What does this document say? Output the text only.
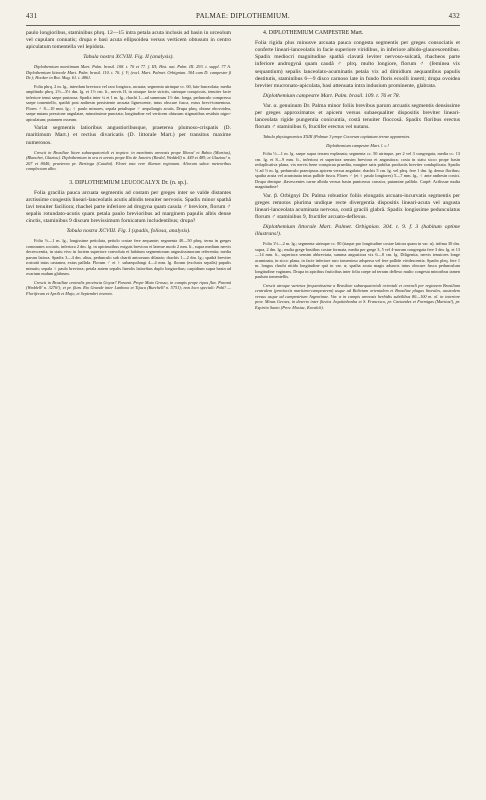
431	PALMAE: DIPLOTHEMIUM.	432

paulo longioribus, staminibus phrq. 12—15 intra petala acuta inclusis ad basin in urceolum vel cupulam connatis; drupa e basi acuta ellipsoidea versus verticem obtusum in centro apiculatum tomentella vel lepidota.

Tabula nostra XCVIII. Fig. II (analysis).

Diplothemium maritimum Mart. Palm. brasil. 108. t. 76 et 77. f. III; Hist. nat. Palm. III. 293. t. suppl. 77 A. Diplothemium littorale Mart. Palm. brasil. 110. t. 76. f. V; (excl. Mart. Palmet. Orbignian. 304 cum D. campestre β Dr.); Hooker in Bot. Mag. 61. t. 4861.

Folia phrq. 2 m. lg., interdum breviora vel raro longiora, arcuata; segmenta utrinque cc. 60, lato-lanceolata; media amplitudo phrq. 2½—3½ dm. lg. et 1½ cm. lt., nervis II, in utraque facie strictis, utrinque conspicuis, tenuiter facie inferiore tenui saepe pruinosa. Spadix inter ¼ et 1 m. lg., rhachi 1—ad summum 1½ dm. longa, pedunculo compresso saepe tomentello, spathâ post anthesin persistente arcuata lignescente, intus obscure fusca, extus brevi-tomentosa. Flores ♂ 8—10 mm. lg.; ♀ paulo minores, sepala petalisque ♂ aequilongis acutis. Drupa phrq. obtuse obovoidea, saepe nutans pressione angulatae, minutissime punctata; longitudine vel verticem obtusum stigmatibus residuis nigro-apiculatum; putamen osseum.

Variat segmentis latioribus angustioribusque, praeterea plumoso-crispatis (D. maritimum Mart.) et rectius divaricatis (D. littorale Mart.) per transitus maxime numerosos.

Crescit in Brasiliae litore subaequatoriali et tropico: in maritimis arenosis prope Ilheos! et Bahia (Martius), (Blanchet, Glaziou). Diplothemium in ora et arenis prope Rio de Janeiro (Riedel, Weddell) n. 449 et 489, et Glaziou! n. 207 et 8040; praeterea pr. Bertioga (Cuiabá). Floret tota vere illarum regionum. Aliorum suboc meteoribus complectum albo.

3. DIPLOTHEMIUM LEUCOCALYX Dr. (n. sp.).

Folia gracilia pauca arcuata segmentis ad costam per greges inter se valde distantes arctissime congestis lineari-lanceolatis acutis albidis tenuiter nervosis. Spadix minor spathâ lavi tenuiter faciliora; rhachei parte inferiore ad drogyna quam casula ♂ breviore, florum ♂ sepalis rotundato-acutis quam petala paulo brevioribus ad marginem papulis albis dense cinctis, staminibus 9 discum brevissimum fornicatum includentibus; drupa?

Tabula nostra XCVIII. Fig. I (spadix, foliosa, analysis).

Folia ½—1 m. lg., longissime petiolata, petiolo costae fere aequante; segmenta 40—50 phrq. terna in greges communes sociatis, inferiora 2 dm. lg. in apicinutibus exiguis breviora et laterae modo 2 mm. lt., supra medium nervis decrescentia, in statu vivo in faciem superiore convoluta et habitum segmentorum angustissimorum referentia; media parum latiora. Spadix 3—4 dm. altus, pedunculo sub chartā antrorsum dilatato; rhachis 1—2 dm. lg.; spathā breviter rostratā intus castanea, extus pallida. Florum ♂ et ♀ subaequilongi 4—4 mm. lg. florum (exclusis sepalis) papulis minutis; sepala ♀ paulo breviora; petala autem sepalis lineolis latioribus duplo longioribus; carpidium supra basin ad ovarium nudum glabrum.

Crescit in Brasiliae centralis provincia Goyaz? Paraná. Prope Mato Grosso, in campis prope ripas fluv. Paraná (Weddell! n. 3276!); et pr. flum. Rio Grande inter Lanhoso et Tijuca (Burchell! n. 5751); non loco speciali: Pohl! — Floriferum et Aprili et Majo, et Septembri invento.

4. DIPLOTHEMIUM CAMPESTRE Mart.

Folia rigida plus minusve arcuata pauca congesta segmentis per greges consociatis et conferte lineari-lanceolatis in facie superiore viridibus, in inferiore albido-glaucescentibus. Spadix mediocri magnitudine spathâ clavatâ leviter nervoso-sulcatâ, rhacheos parte inferiore androgynâ quam caudâ ♂ plrq. multo longiore, florum ♂ (feminea vix sequantium) sepalis lanceolato-acuminatis petala vix ad dimidium aequantibus papulis destitutis, staminibus 6—9 disco carnoso late in fundo floris ecsolli inserti; drupa ovoidea breviter mucronato-apiculata, basi attenuata intra indusium prominente, glabrata.

Diplothemium campestre Mart. Palm. brasil. 109. t. 76 et 78.

Var. α. genuinum Dr. Palma minor foliis brevibus parum arcuatis segmentis densissime per greges approximatos et apicem versus subaequaliter dispositis breviter lineari-lanceolata rigide pungentia conicuntia, costâ tenuiter floccosâ. Spadix floribus erectus florum ♂ staminibus 6, fructifer erectus vel nutans.

Tabula physiognomica XXIII (Palmae 3 prope Cocorum capitatum terrae apparentes.

Diplothemium campestre Mart. l. c.!

Folia ½—1 m. lg. saepe supra terram explanata; segmenta cc. 50 utrinque, per 2 vel 3 congregata, media cc. 13 cm. lg. et 8—9 mm. lt., inferiora et superiora sensim breviora et angustiora; costa in statu sicco prope basin reduplicativa plana, vix nervis bene conspicua praedita, margine satis pubilus productis breviter conduplicata. Spadix ⅓ ad ½ m. lg. pedunculo praecipuus apicem versus angulato; rhachis 5 cm. lg. vel pleq. fere 1 dm. lg. denso floribus; spatha acuta vel acuminata intus pallide fusca. Flores ♂ (et ♀ paulo longiores) 5—7 mm. lg., ♀ ante anthesin conici. Drupa denique ,flavescentes carne albida versus basin puniceous crassior, putamine pallido. Carpē: Acilissae multa magnitudine!

Var. β. Orbignyi Dr. Palma robustior foliis elongatis arcuato-incurvatis segmentis per greges remotos plurima undique recte divergentia dispositis lineari-acuta vel angusta lineari-lanceolata acuminata nervosa, costâ gracili glabrâ. Spadix longissime pedunculatus florum ♂ staminibus 9, fructifer arcuato-deflexus.

Diplothemium littorale Mart. Palmet. Orbignian. 304. t. 9. f. 3 (habitum optime illustrans!).

Folia 1½—2 m. lg.; segmenta utrinque cc. 80 (itaque pro longitudine costae latiora quam in var. α), infima 30 dm. supra, 2 dm. lg.; multa grege basiibus costae formata, media per grege 3, 5 vel 4-norum congregata fere 3 dm. lg. et 13—14 mm. lt., superiora sensim abbreviata, summa angustiora vix 6—8 cm. lg. Diligentia, nervis tenuiores longe acuminata, in sicco plana, in facie inferiore raro tomentoso adspersa vel fere pallide viridescentia. Spadix pleq. fere 1 m. longus rhachi nitida longitudine quá in var. α; spatha acuta magis aduncis intus obscure fusca pedunculum longitudine vaginans. Drupa in apicibus fruticibus inter folia caepe ad terram deflexo multo congesta minoribus tamen paulum tomentellis.

Crescit utroque varietas frequentissime a Brasiliae subaequatoriali orientali et centrali per regionem Brasiliam centralem (provinciis maritimo-campestrem) usque ad Boliviam orientalem et Brasiliae plagas litorales, australem versus usque ad campestrium Argentinae. Var. α in campis arenosis herbidis subtilibus 80—100 m. ol. in interiore prov. Minas Geraes, in deserto inter fluvios Jequitinhonha et S. Francisco, pr. Caetandes et Formigas (Martius!), pr. Espirito Santo (Prov. Mosiac, Kovalch).
